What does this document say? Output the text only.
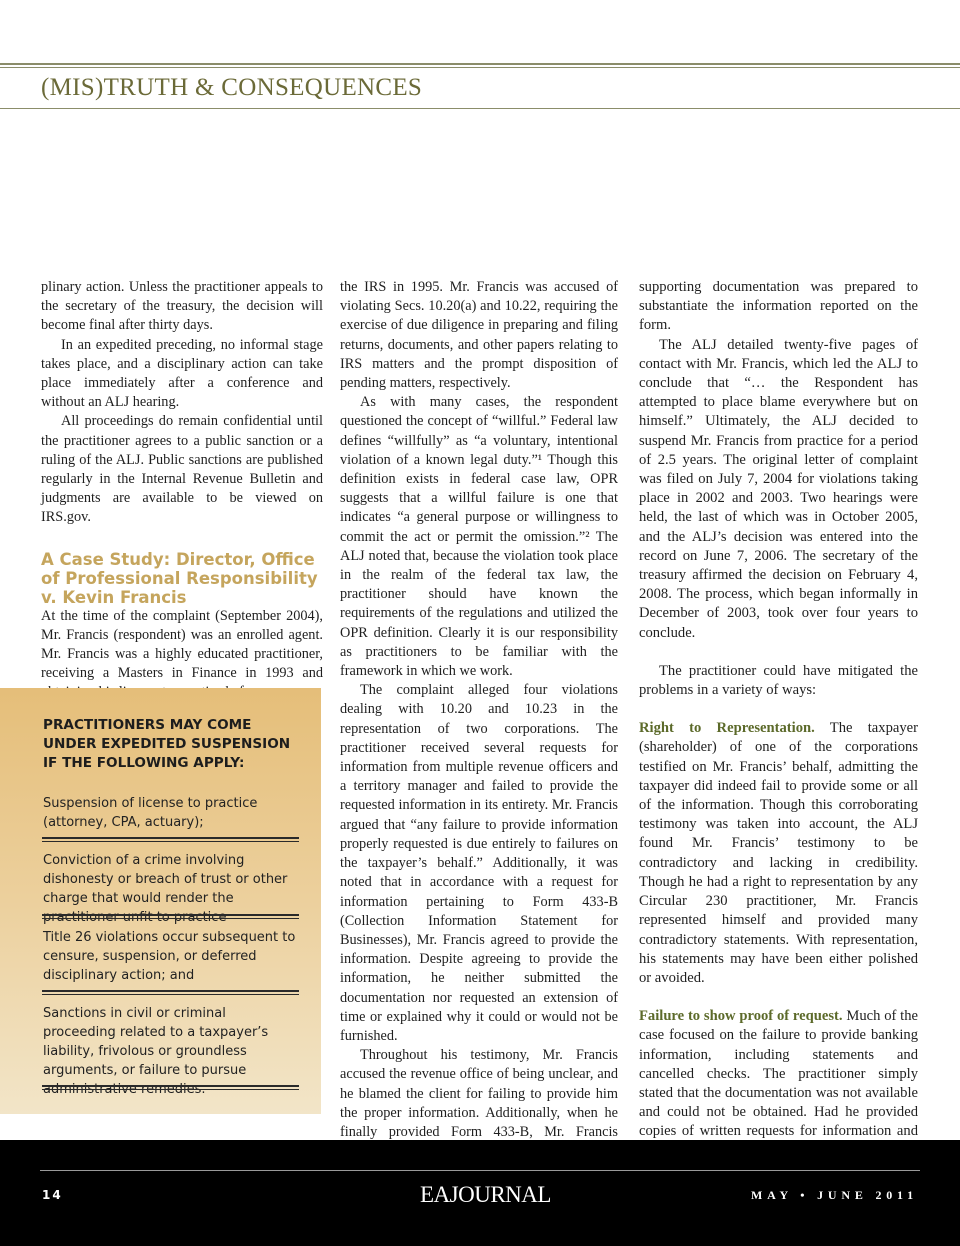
(MIS)TRUTH & CONSEQUENCES

plinary action. Unless the practitioner appeals to the secretary of the treasury, the decision will become final after thirty days.

In an expedited preceding, no informal stage takes place, and a disciplinary action can take place immediately after a conference and without an ALJ hearing.

All proceedings do remain confidential until the practitioner agrees to a public sanction or a ruling of the ALJ. Public sanctions are published regularly in the Internal Revenue Bulletin and judgments are available to be viewed on IRS.gov.

A Case Study: Director, Office of Professional Responsibility v. Kevin Francis

At the time of the complaint (September 2004), Mr. Francis (respondent) was an enrolled agent. Mr. Francis was a highly educated practitioner, receiving a Masters in Finance in 1993 and

PRACTITIONERS MAY COME UNDER EXPEDITED SUSPENSION IF THE FOLLOWING APPLY:
Suspension of license to practice (attorney, CPA, actuary);
Conviction of a crime involving dishonesty or breach of trust or other charge that would render the practitioner unfit to practice
Title 26 violations occur subsequent to censure, suspension, or deferred disciplinary action; and
Sanctions in civil or criminal proceeding related to a taxpayer’s liability, frivolous or groundless arguments, or failure to pursue administrative remedies.

the IRS in 1995. Mr. Francis was accused of violating Secs. 10.20(a) and 10.22, requiring the exercise of due diligence in preparing and filing returns, documents, and other papers relating to IRS matters and the prompt disposition of pending matters, respectively.

As with many cases, the respondent questioned the concept of “willful.” Federal law defines “willfully” as “a voluntary, intentional violation of a known legal duty.”¹ Though this definition exists in federal case law, OPR suggests that a willful failure is one that indicates “a general purpose or willingness to commit the act or permit the omission.”² The ALJ noted that, because the violation took place in the realm of the federal tax law, the practitioner should have known the requirements of the regulations and utilized the OPR definition. Clearly it is our responsibility as practitioners to be familiar with the framework in which we work.

The complaint alleged four violations dealing with 10.20 and 10.23 in the representation of two corporations. The practitioner received several requests for information from multiple revenue officers and a territory manager and failed to provide the requested information in its entirety. Mr. Francis argued that “any failure to provide information properly requested is due entirely to failures on the taxpayer’s behalf.” Additionally, it was noted that in accordance with a request for information pertaining to Form 433-B (Collection Information Statement for Businesses), Mr. Francis agreed to provide the information. Despite agreeing to provide the information, he neither submitted the documentation nor requested an extension of time or explained why it could or would not be furnished.

Throughout his testimony, Mr. Francis accused the revenue office of being unclear, and he blamed the client for failing to provide him the proper information. Additionally, when he finally provided Form 433-B, Mr. Francis

supporting documentation was prepared to substantiate the information reported on the form.

The ALJ detailed twenty-five pages of contact with Mr. Francis, which led the ALJ to conclude that “… the Respondent has attempted to place blame everywhere but on himself.” Ultimately, the ALJ decided to suspend Mr. Francis from practice for a period of 2.5 years. The original letter of complaint was filed on July 7, 2004 for violations taking place in 2002 and 2003. Two hearings were held, the last of which was in October 2005, and the ALJ’s decision was entered into the record on June 7, 2006. The secretary of the treasury affirmed the decision on February 4, 2008. The process, which began informally in December of 2003, took over four years to conclude.

The practitioner could have mitigated the problems in a variety of ways:

Right to Representation. The taxpayer (shareholder) of one of the corporations testified on Mr. Francis’ behalf, admitting the taxpayer did indeed fail to provide some or all of the information. Though this corroborating testimony was taken into account, the ALJ found Mr. Francis’ testimony to be contradictory and lacking in credibility. Though he had a right to representation by any Circular 230 practitioner, Mr. Francis represented himself and provided many contradictory statements. With representation, his statements may have been either polished or avoided.

Failure to show proof of request. Much of the case focused on the failure to provide banking information, including statements and cancelled checks. The practitioner simply stated that the documentation was not available and could not be obtained. Had he provided copies of written requests for information and

14	EAJOURNAL	MAY • JUNE 2011
